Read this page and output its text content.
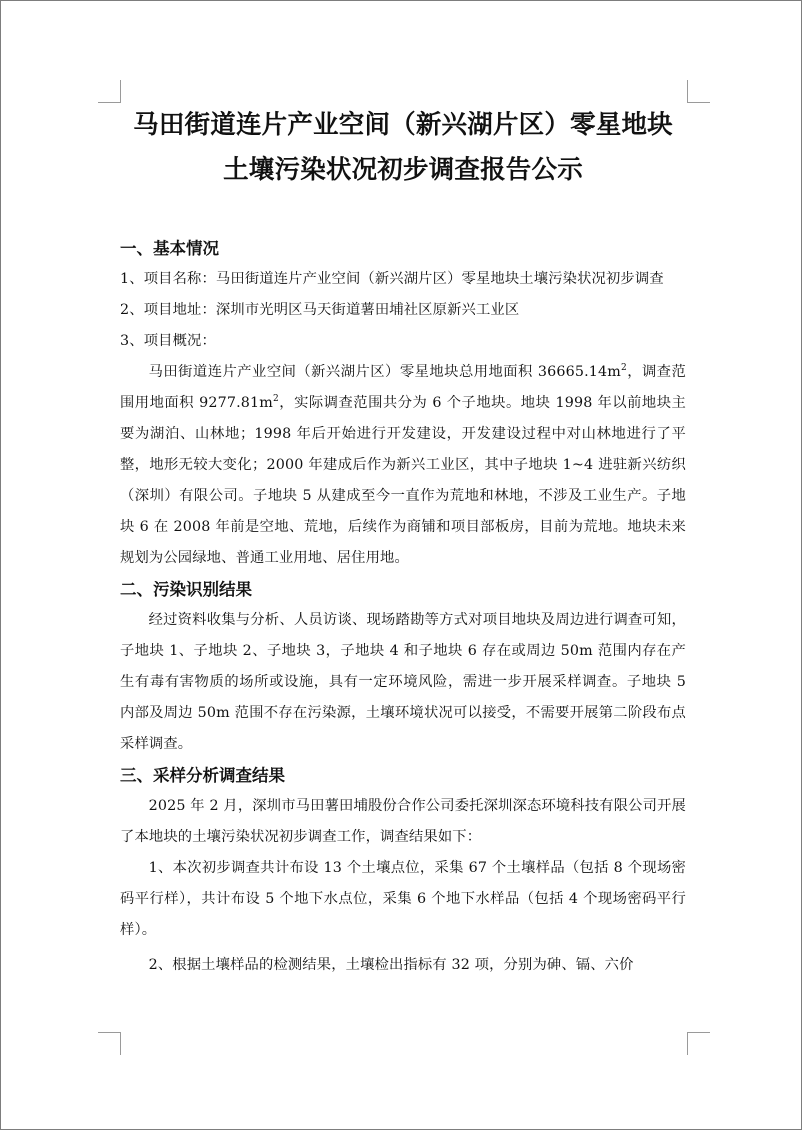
马田街道连片产业空间（新兴湖片区）零星地块
土壤污染状况初步调查报告公示
一、基本情况

1、项目名称：马田街道连片产业空间（新兴湖片区）零星地块土壤污染状况初步调查

2、项目地址：深圳市光明区马天街道薯田埔社区原新兴工业区

3、项目概况：

马田街道连片产业空间（新兴湖片区）零星地块总用地面积 $36665.14m^2$，调查范围用地面积 $9277.81m^2$，实际调查范围共分为 6 个子地块。地块 1998 年以前地块主要为湖泊、山林地；1998 年后开始进行开发建设，开发建设过程中对山林地进行了平整，地形无较大变化；2000 年建成后作为新兴工业区，其中子地块 1~4 进驻新兴纺织（深圳）有限公司。子地块 5 从建成至今一直作为荒地和林地，不涉及工业生产。子地块 6 在 2008 年前是空地、荒地，后续作为商铺和项目部板房，目前为荒地。地块未来规划为公园绿地、普通工业用地、居住用地。

二、污染识别结果

经过资料收集与分析、人员访谈、现场踏勘等方式对项目地块及周边进行调查可知，子地块 1、子地块 2、子地块 3，子地块 4 和子地块 6 存在或周边 50m 范围内存在产生有毒有害物质的场所或设施，具有一定环境风险，需进一步开展采样调查。子地块 5 内部及周边 50m 范围不存在污染源，土壤环境状况可以接受，不需要开展第二阶段布点采样调查。

三、采样分析调查结果

2025 年 2 月，深圳市马田薯田埔股份合作公司委托深圳深态环境科技有限公司开展了本地块的土壤污染状况初步调查工作，调查结果如下：

1、本次初步调查共计布设 13 个土壤点位，采集 67 个土壤样品（包括 8 个现场密码平行样），共计布设 5 个地下水点位，采集 6 个地下水样品（包括 4 个现场密码平行样）。

2、根据土壤样品的检测结果，土壤检出指标有 32 项，分别为砷、镉、六价
